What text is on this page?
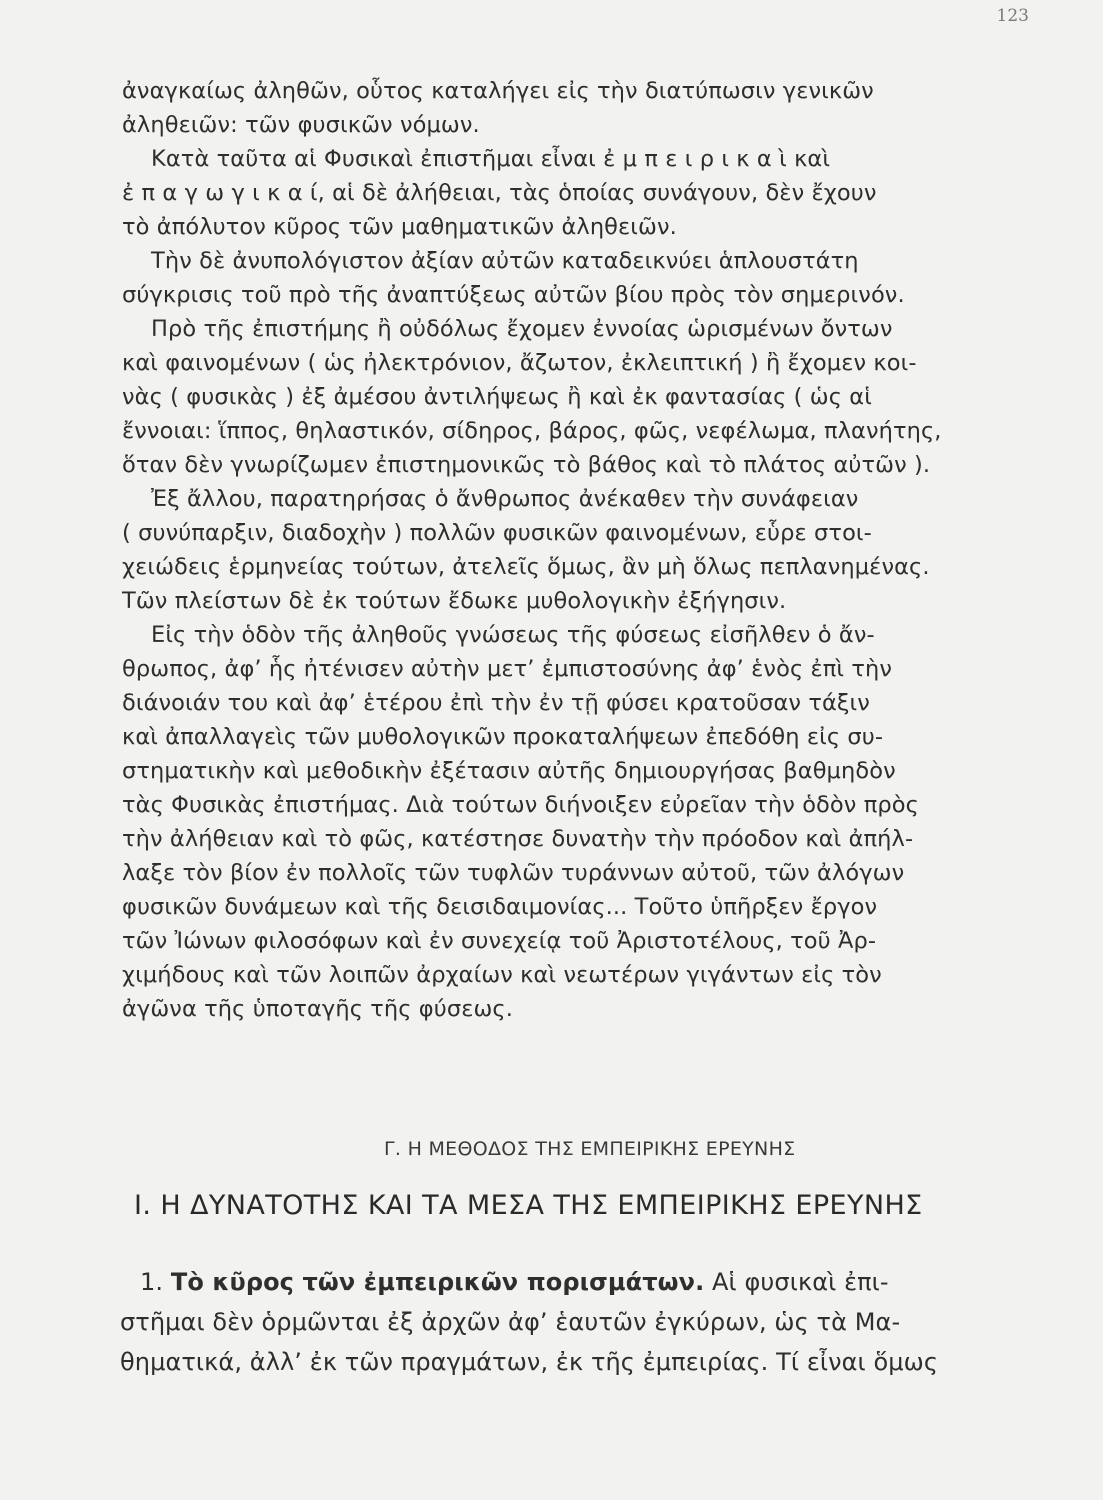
123
ἀναγκαίως ἀληθῶν, οὗτος καταλήγει εἰς τὴν διατύπωσιν γενικῶν
ἀληθειῶν: τῶν φυσικῶν νόμων.
Κατὰ ταῦτα αἱ Φυσικαὶ ἐπιστῆμαι εἶναι ἐ μ π ε ι ρ ι κ α ὶ καὶ
ἐ π α γ ω γ ι κ α ί, αἱ δὲ ἀλήθειαι, τὰς ὁποίας συνάγουν, δὲν ἔχουν
τὸ ἀπόλυτον κῦρος τῶν μαθηματικῶν ἀληθειῶν.
Τὴν δὲ ἀνυπολόγιστον ἀξίαν αὐτῶν καταδεικνύει ἁπλουστάτη
σύγκρισις τοῦ πρὸ τῆς ἀναπτύξεως αὐτῶν βίου πρὸς τὸν σημερινόν.
Πρὸ τῆς ἐπιστήμης ἢ οὐδόλως ἔχομεν ἐννοίας ὡρισμένων ὄντων
καὶ φαινομένων ( ὡς ἠλεκτρόνιον, ἄζωτον, ἐκλειπτική ) ἢ ἔχομεν κοι-
νὰς ( φυσικὰς ) ἐξ ἀμέσου ἀντιλήψεως ἢ καὶ ἐκ φαντασίας ( ὡς αἱ
ἔννοιαι: ἵππος, θηλαστικόν, σίδηρος, βάρος, φῶς, νεφέλωμα, πλανήτης,
ὅταν δὲν γνωρίζωμεν ἐπιστημονικῶς τὸ βάθος καὶ τὸ πλάτος αὐτῶν ).
Ἐξ ἄλλου, παρατηρήσας ὁ ἄνθρωπος ἀνέκαθεν τὴν συνάφειαν
( συνύπαρξιν, διαδοχὴν ) πολλῶν φυσικῶν φαινομένων, εὗρε στοι-
χειώδεις ἑρμηνείας τούτων, ἀτελεῖς ὅμως, ἂν μὴ ὅλως πεπλανημένας.
Τῶν πλείστων δὲ ἐκ τούτων ἔδωκε μυθολογικὴν ἐξήγησιν.
Εἰς τὴν ὁδὸν τῆς ἀληθοῦς γνώσεως τῆς φύσεως εἰσῆλθεν ὁ ἄν-
θρωπος, ἀφ’ ἧς ἠτένισεν αὐτὴν μετ’ ἐμπιστοσύνης ἀφ’ ἑνὸς ἐπὶ τὴν
διάνοιάν του καὶ ἀφ’ ἑτέρου ἐπὶ τὴν ἐν τῇ φύσει κρατοῦσαν τάξιν
καὶ ἀπαλλαγεὶς τῶν μυθολογικῶν προκαταλήψεων ἐπεδόθη εἰς συ-
στηματικὴν καὶ μεθοδικὴν ἐξέτασιν αὐτῆς δημιουργήσας βαθμηδὸν
τὰς Φυσικὰς ἐπιστήμας. Διὰ τούτων διήνοιξεν εὐρεῖαν τὴν ὁδὸν πρὸς
τὴν ἀλήθειαν καὶ τὸ φῶς, κατέστησε δυνατὴν τὴν πρόοδον καὶ ἀπήλ-
λαξε τὸν βίον ἐν πολλοῖς τῶν τυφλῶν τυράννων αὐτοῦ, τῶν ἀλόγων
φυσικῶν δυνάμεων καὶ τῆς δεισιδαιμονίας... Τοῦτο ὑπῆρξεν ἔργον
τῶν Ἰώνων φιλοσόφων καὶ ἐν συνεχείᾳ τοῦ Ἀριστοτέλους, τοῦ Ἀρ-
χιμήδους καὶ τῶν λοιπῶν ἀρχαίων καὶ νεωτέρων γιγάντων εἰς τὸν
ἀγῶνα τῆς ὑποταγῆς τῆς φύσεως.
Γ. Η ΜΕΘΟΔΟΣ ΤΗΣ ΕΜΠΕΙΡΙΚΗΣ ΕΡΕΥΝΗΣ
Ι. Η ΔΥΝΑΤΟΤΗΣ ΚΑΙ ΤΑ ΜΕΣΑ ΤΗΣ ΕΜΠΕΙΡΙΚΗΣ ΕΡΕΥΝΗΣ
1. Τὸ κῦρος τῶν ἐμπειρικῶν πορισμάτων. Αἱ φυσικαὶ ἐπι-
στῆμαι δὲν ὁρμῶνται ἐξ ἀρχῶν ἀφ’ ἑαυτῶν ἐγκύρων, ὡς τὰ Μα-
θηματικά, ἀλλ’ ἐκ τῶν πραγμάτων, ἐκ τῆς ἐμπειρίας. Τί εἶναι ὅμως
